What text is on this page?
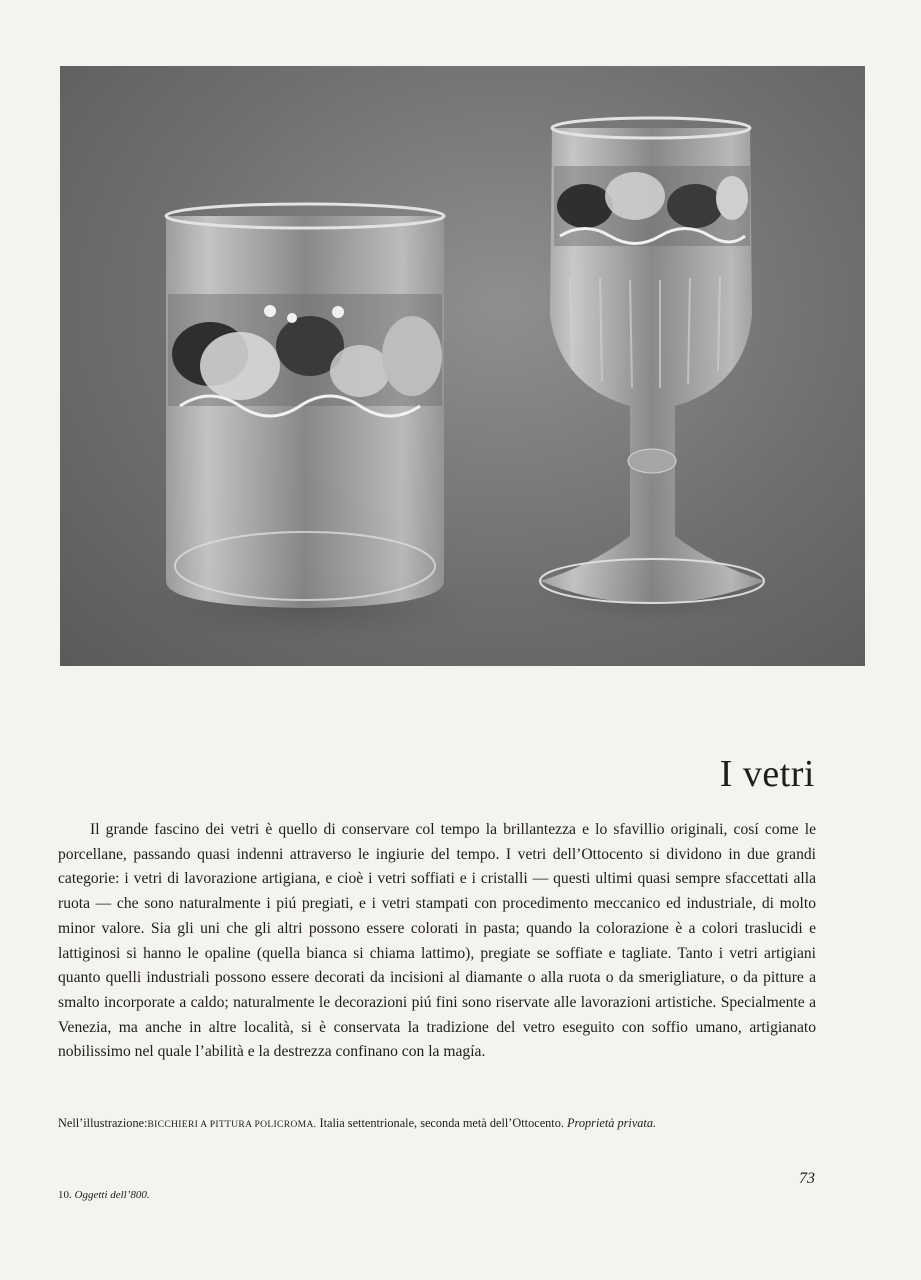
I vetri

Il grande fascino dei vetri è quello di conservare col tempo la brillantezza e lo sfavillio originali, cosí come le porcellane, passando quasi indenni attraverso le ingiurie del tempo. I vetri dell’Ottocento si dividono in due grandi categorie: i vetri di lavorazione artigiana, e cioè i vetri soffiati e i cristalli — questi ultimi quasi sempre sfaccettati alla ruota — che sono naturalmente i piú pregiati, e i vetri stampati con procedimento meccanico ed industriale, di molto minor valore. Sia gli uni che gli altri possono essere colorati in pasta; quando la colorazione è a colori traslucidi e lattiginosi si hanno le opaline (quella bianca si chiama lattimo), pregiate se soffiate e tagliate. Tanto i vetri artigiani quanto quelli industriali possono essere decorati da incisioni al diamante o alla ruota o da smerigliature, o da pitture a smalto incorporate a caldo; naturalmente le decorazioni piú fini sono riservate alle lavorazioni artistiche. Specialmente a Venezia, ma anche in altre località, si è conservata la tradizione del vetro eseguito con soffio umano, artigianato nobilissimo nel quale l’abilità e la destrezza confinano con la magía.

Nell’illustrazione:BICCHIERI A PITTURA POLICROMA. Italia settentrionale, seconda metà dell’Ottocento. Proprietà privata.
73
10. Oggetti dell’800.
